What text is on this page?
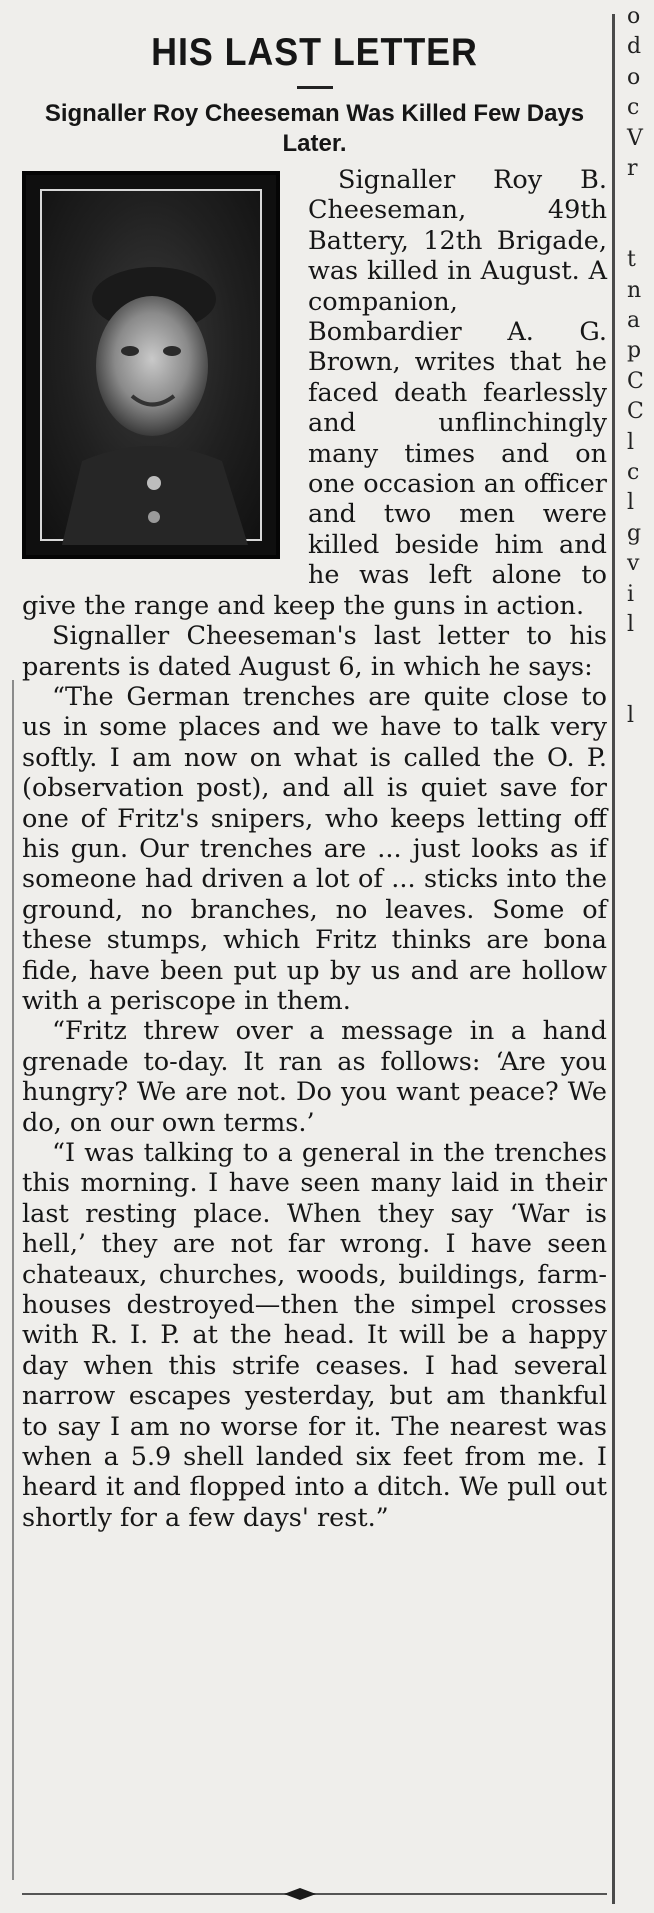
o
d
o
c
V
r
t
n
a
p
C
C
l
c
l
g
v
i
l
l
HIS LAST LETTER
Signaller Roy Cheeseman Was Killed Few Days Later.

Signaller Roy B. Cheeseman, 49th Battery, 12th Brigade, was killed in August. A companion, Bombardier A. G. Brown, writes that he faced death fearlessly and unflinchingly many times and on one occasion an officer and two men were killed beside him and he was left alone to give the range and keep the guns in action.

Signaller Cheeseman's last letter to his parents is dated August 6, in which he says:

“The German trenches are quite close to us in some places and we have to talk very softly. I am now on what is called the O. P. (observation post), and all is quiet save for one of Fritz's snipers, who keeps letting off his gun. Our trenches are ... just looks as if someone had driven a lot of ... sticks into the ground, no branches, no leaves. Some of these stumps, which Fritz thinks are bona fide, have been put up by us and are hollow with a periscope in them.

“Fritz threw over a message in a hand grenade to-day. It ran as follows: ‘Are you hungry? We are not. Do you want peace? We do, on our own terms.’

“I was talking to a general in the trenches this morning. I have seen many laid in their last resting place. When they say ‘War is hell,’ they are not far wrong. I have seen chateaux, churches, woods, buildings, farm-houses destroyed—then the simpel crosses with R. I. P. at the head. It will be a happy day when this strife ceases. I had several narrow escapes yesterday, but am thankful to say I am no worse for it. The nearest was when a 5.9 shell landed six feet from me. I heard it and flopped into a ditch. We pull out shortly for a few days' rest.”
